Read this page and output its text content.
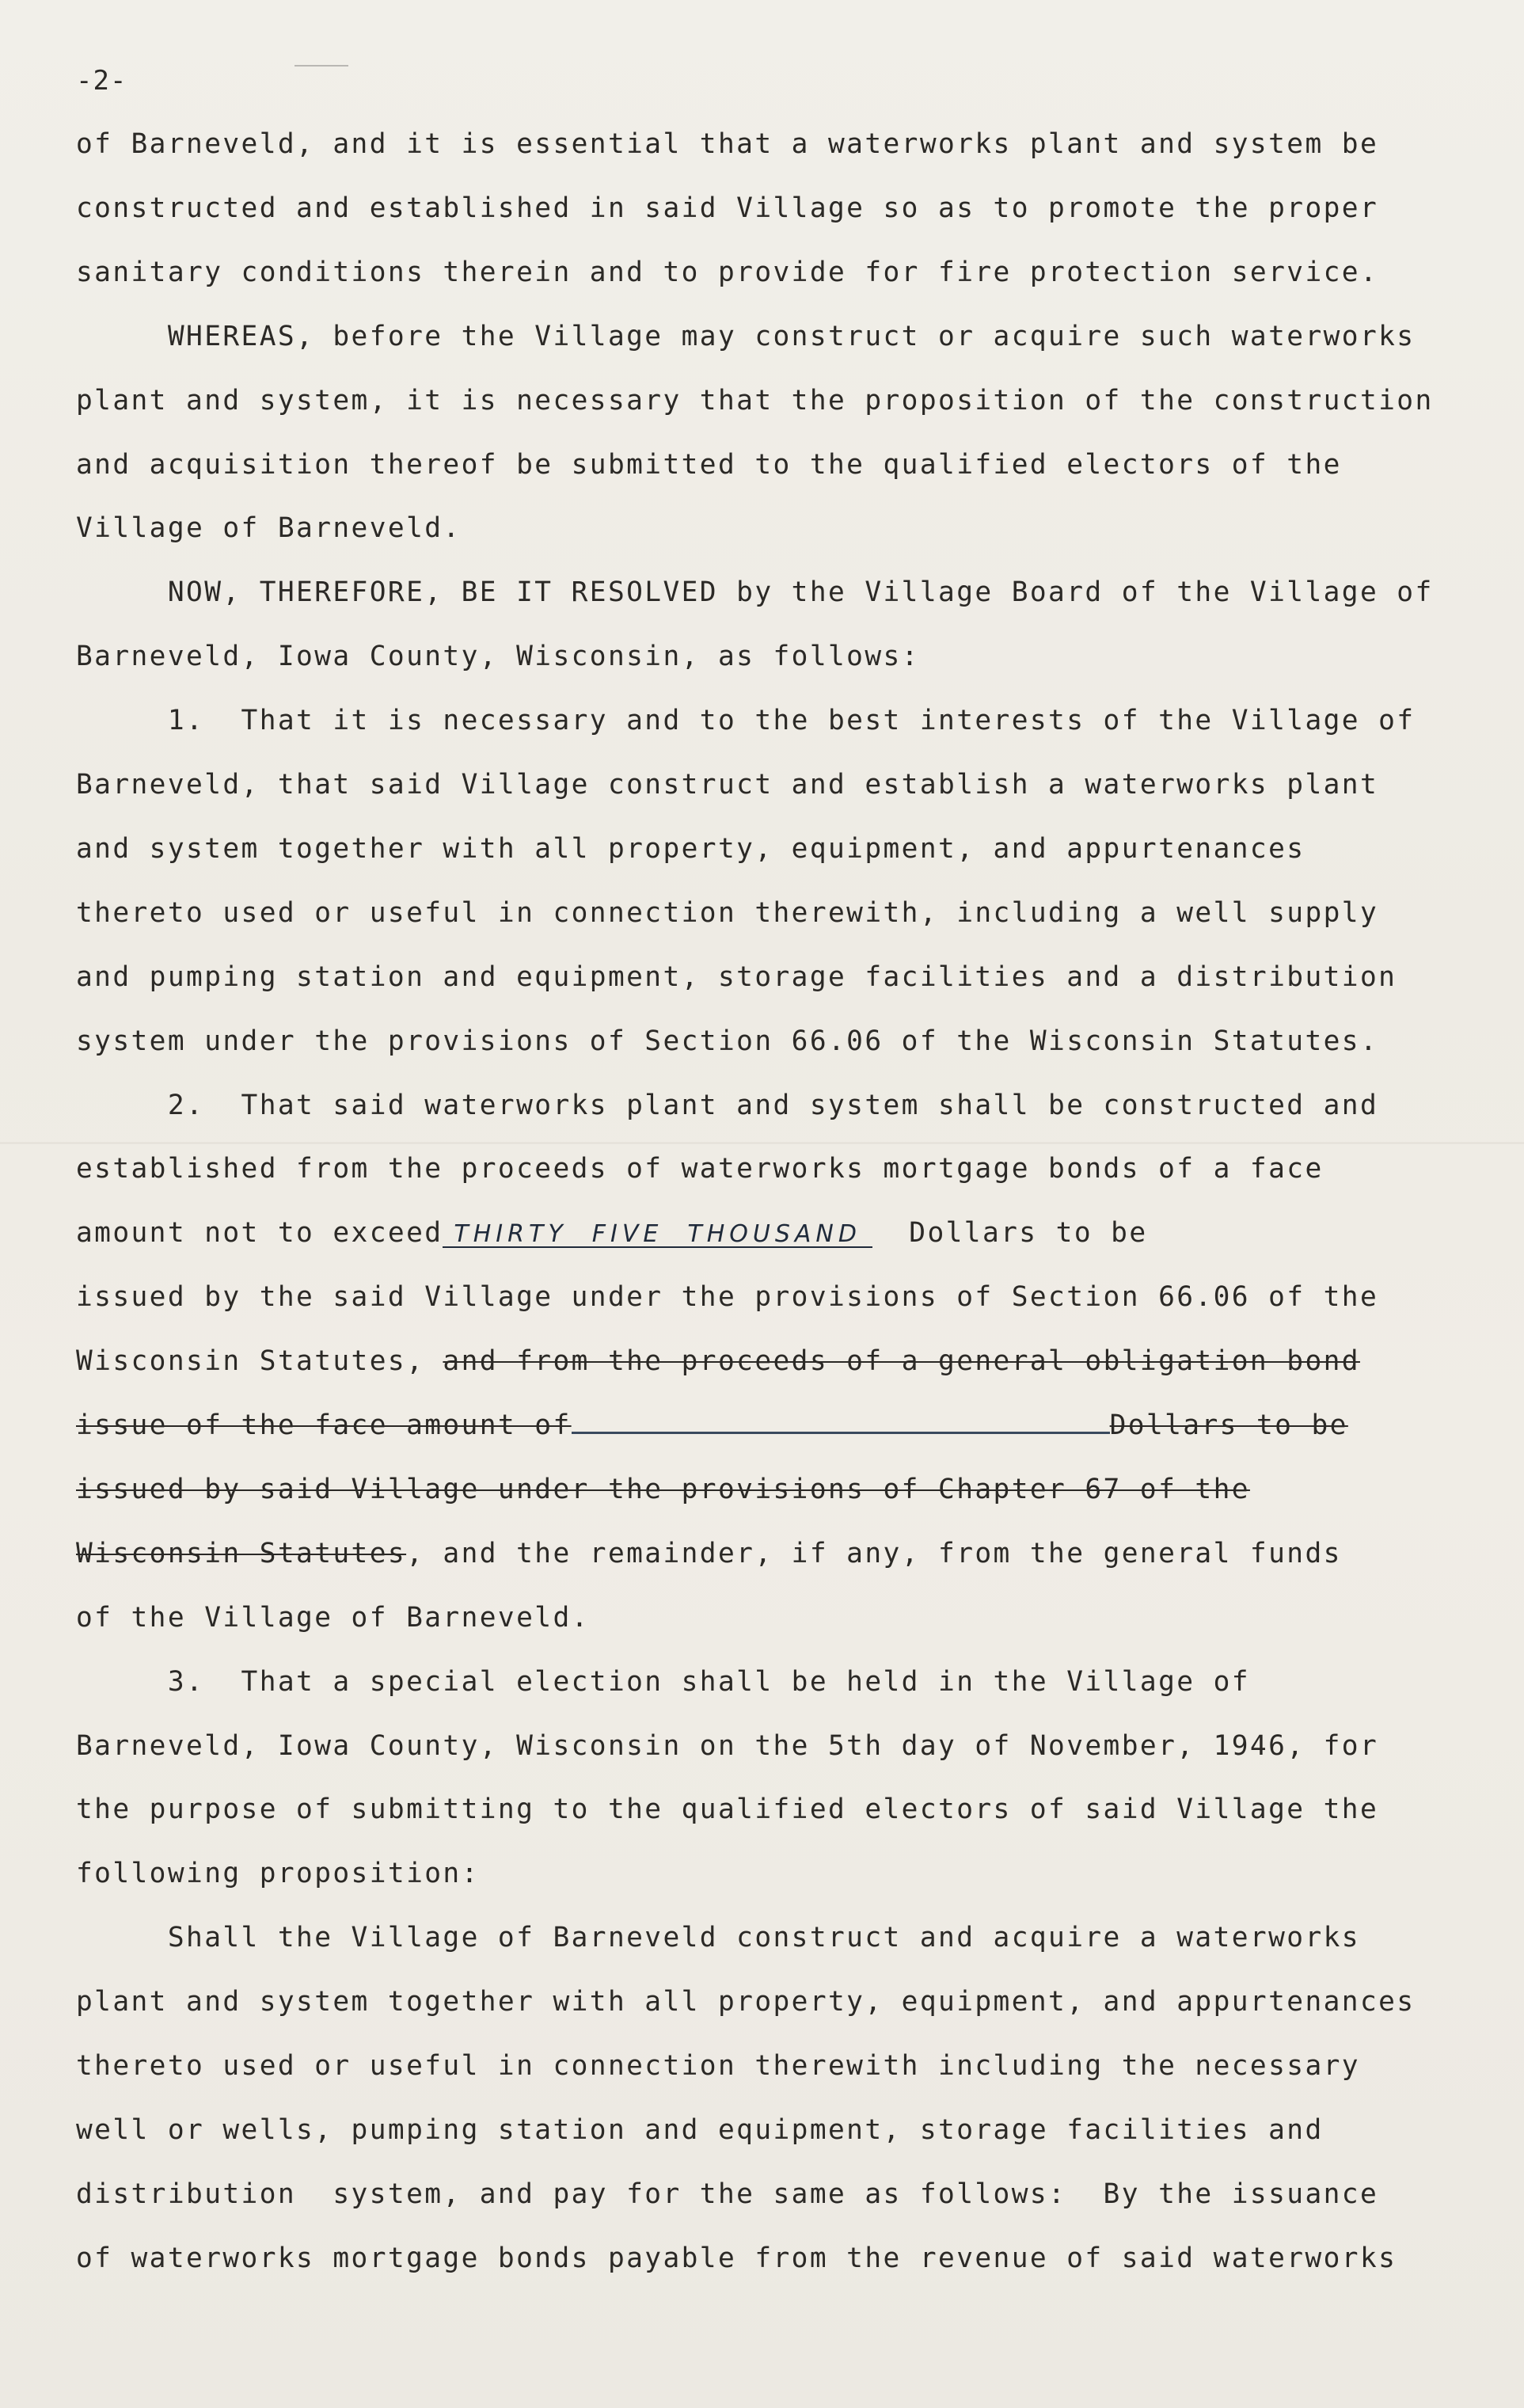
-2-
of Barneveld, and it is essential that a waterworks plant and system be
constructed and established in said Village so as to promote the proper
sanitary conditions therein and to provide for fire protection service.
WHEREAS, before the Village may construct or acquire such waterworks
plant and system, it is necessary that the proposition of the construction
and acquisition thereof be submitted to the qualified electors of the
Village of Barneveld.
NOW, THEREFORE, BE IT RESOLVED by the Village Board of the Village of
Barneveld, Iowa County, Wisconsin, as follows:
1.  That it is necessary and to the best interests of the Village of
Barneveld, that said Village construct and establish a waterworks plant
and system together with all property, equipment, and appurtenances
thereto used or useful in connection therewith, including a well supply
and pumping station and equipment, storage facilities and a distribution
system under the provisions of Section 66.06 of the Wisconsin Statutes.
2.  That said waterworks plant and system shall be constructed and
established from the proceeds of waterworks mortgage bonds of a face
amount not to exceed THIRTY  FIVE  THOUSAND  Dollars to be
issued by the said Village under the provisions of Section 66.06 of the
Wisconsin Statutes, and from the proceeds of a general obligation bond
issue of the face amount of	Dollars to be
issued by said Village under the provisions of Chapter 67 of the
Wisconsin Statutes, and the remainder, if any, from the general funds
of the Village of Barneveld.
3.  That a special election shall be held in the Village of
Barneveld, Iowa County, Wisconsin on the 5th day of November, 1946, for
the purpose of submitting to the qualified electors of said Village the
following proposition:
Shall the Village of Barneveld construct and acquire a waterworks
plant and system together with all property, equipment, and appurtenances
thereto used or useful in connection therewith including the necessary
well or wells, pumping station and equipment, storage facilities and
distribution  system, and pay for the same as follows:  By the issuance
of waterworks mortgage bonds payable from the revenue of said waterworks
